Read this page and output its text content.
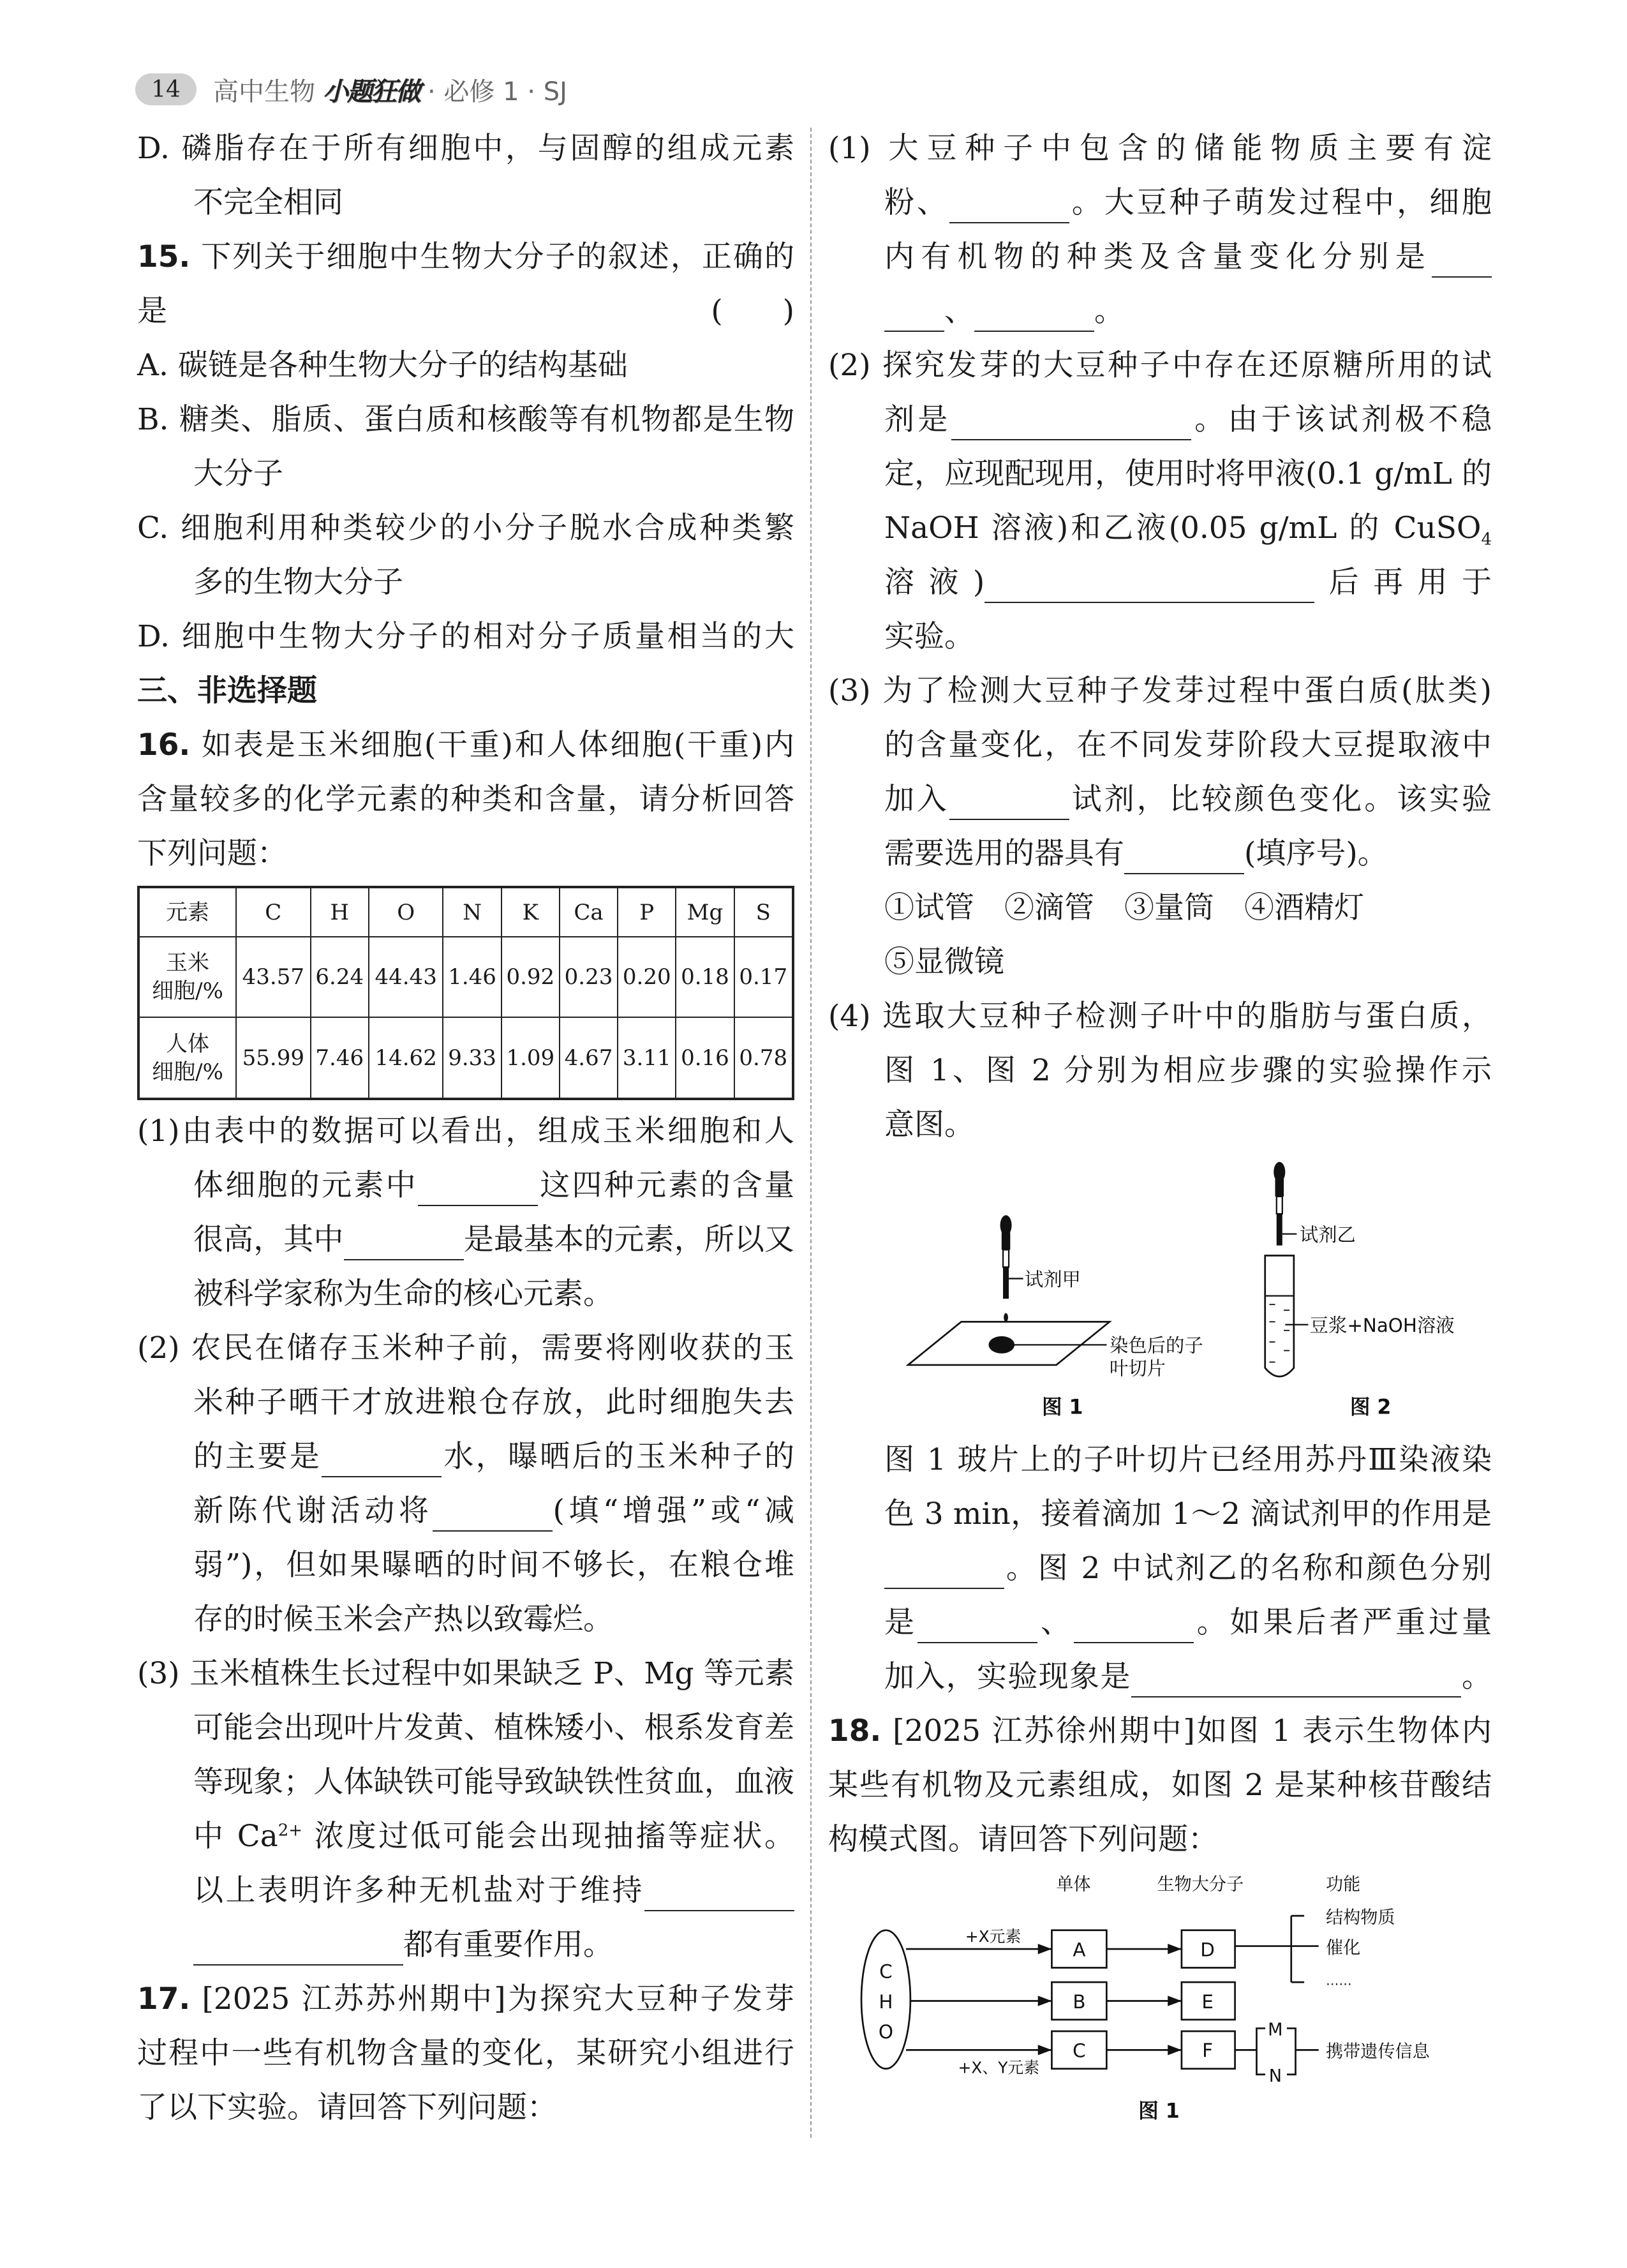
14	高中生物 小题狂做 · 必修 1 · SJ
D. 磷脂存在于所有细胞中，与固醇的组成元素
不完全相同
15. 下列关于细胞中生物大分子的叙述，正确的
是	(　　)
A. 碳链是各种生物大分子的结构基础
B. 糖类、脂质、蛋白质和核酸等有机物都是生物
大分子
C. 细胞利用种类较少的小分子脱水合成种类繁
多的生物大分子
D. 细胞中生物大分子的相对分子质量相当的大
三、非选择题
16. 如表是玉米细胞(干重)和人体细胞(干重)内
含量较多的化学元素的种类和含量，请分析回答
下列问题：
元素	C	H	O	N	K	Ca	P	Mg	S

玉米
细胞/%	43.57	6.24	44.43	1.46	0.92	0.23	0.20	0.18	0.17

人体
细胞/%	55.99	7.46	14.62	9.33	1.09	4.67	3.11	0.16	0.78
(1)由表中的数据可以看出，组成玉米细胞和人
体细胞的元素中　　　　	这四种元素的含量
很高，其中　　　　	是最基本的元素，所以又
被科学家称为生命的核心元素。
(2) 农民在储存玉米种子前，需要将刚收获的玉
米种子晒干才放进粮仓存放，此时细胞失去
的主要是　　　　	水，曝晒后的玉米种子的
新陈代谢活动将　　　　	(填“增强”或“减
弱”)，但如果曝晒的时间不够长，在粮仓堆
存的时候玉米会产热以致霉烂。
(3) 玉米植株生长过程中如果缺乏 P、Mg 等元素
可能会出现叶片发黄、植株矮小、根系发育差
等现象；人体缺铁可能导致缺铁性贫血，血液
中 $Ca^{2+}$ 浓度过低可能会出现抽搐等症状。
以上表明许多种无机盐对于维持　　　　　
　　　　　　　都有重要作用。
17. [2025 江苏苏州期中]为探究大豆种子发芽
过程中一些有机物含量的变化，某研究小组进行
了以下实验。请回答下列问题：
(1) 大豆种子中包含的储能物质主要有淀
粉、　　　　	。大豆种子萌发过程中，细胞
内有机物的种类及含量变化分别是　　
　　、　　　　	。
(2) 探究发芽的大豆种子中存在还原糖所用的试
剂是　　　　　　　　	。由于该试剂极不稳
定，应现配现用，使用时将甲液(0.1 g/mL 的
NaOH 溶液)和乙液(0.05 g/mL 的 CuSO$_4$
溶液)　　　　　　　　　　　	后再用于
实验。
(3) 为了检测大豆种子发芽过程中蛋白质(肽类)
的含量变化，在不同发芽阶段大豆提取液中
加入　　　　	试剂，比较颜色变化。该实验
需要选用的器具有　　　　	(填序号)。
①试管　②滴管　③量筒　④酒精灯
⑤显微镜
(4) 选取大豆种子检测子叶中的脂肪与蛋白质，
图 1、图 2 分别为相应步骤的实验操作示
意图。
试剂甲
染色后的子
叶切片
图 1
试剂乙
豆浆+NaOH溶液
图 2
图 1 玻片上的子叶切片已经用苏丹Ⅲ染液染
色 3 min，接着滴加 1～2 滴试剂甲的作用是
　　　　。图 2 中试剂乙的名称和颜色分别
是　　　　	、　　　　	。如果后者严重过量
加入，实验现象是　　　　　　　　　　　	。
18. [2025 江苏徐州期中]如图 1 表示生物体内
某些有机物及元素组成，如图 2 是某种核苷酸结
构模式图。请回答下列问题：
单体	生物大分子	功能
C
H
O
+X元素
+X、Y元素
A
B
C
D
E
F
结构物质
催化
……
M
N
携带遗传信息
图 1
